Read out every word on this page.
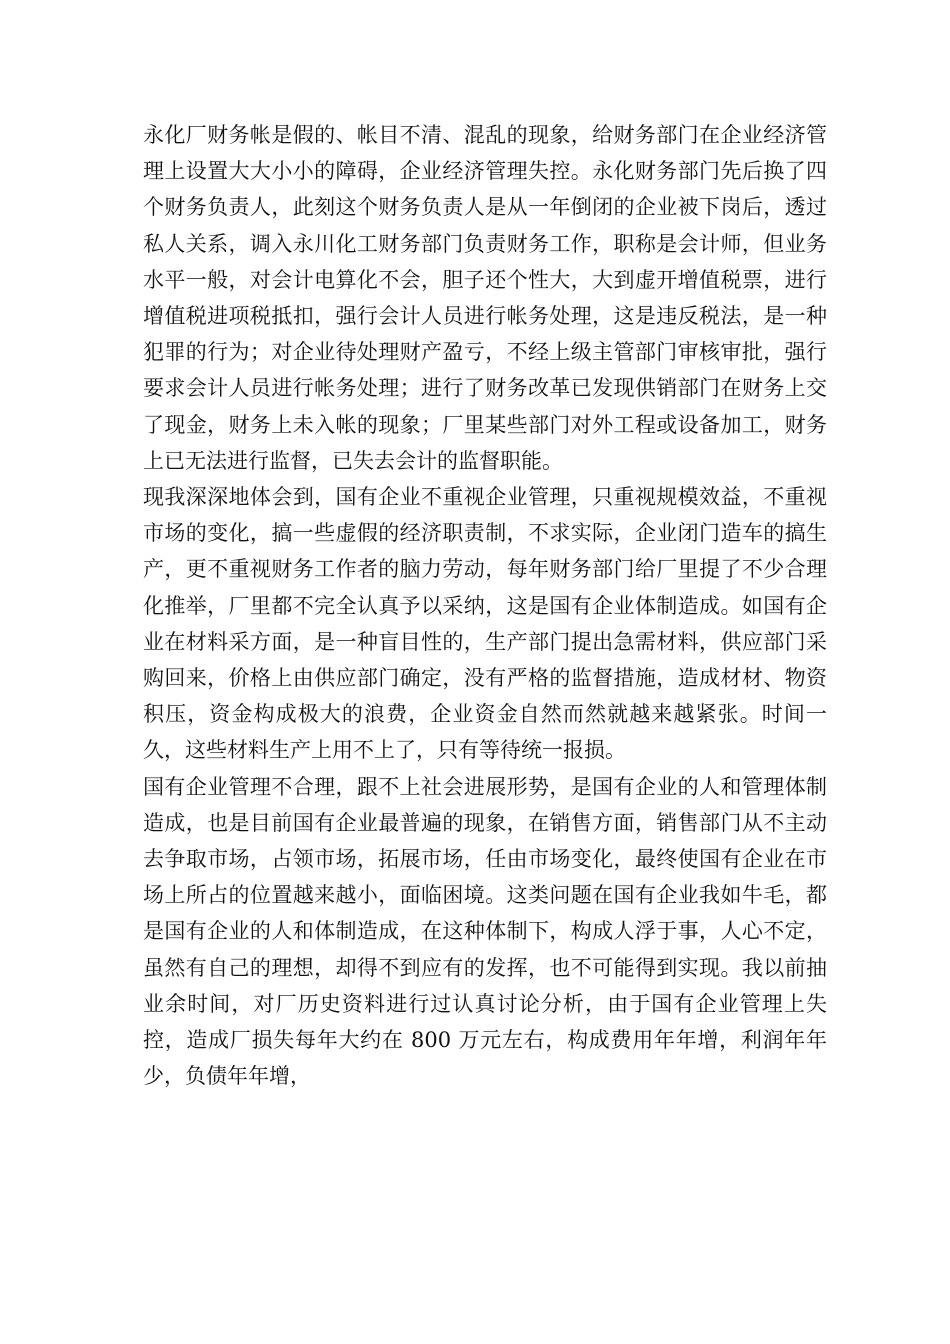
永化厂财务帐是假的、帐目不清、混乱的现象，给财务部门在企业经济管理上设置大大小小的障碍，企业经济管理失控。永化财务部门先后换了四个财务负责人，此刻这个财务负责人是从一年倒闭的企业被下岗后，透过私人关系，调入永川化工财务部门负责财务工作，职称是会计师，但业务水平一般，对会计电算化不会，胆子还个性大，大到虚开增值税票，进行增值税进项税抵扣，强行会计人员进行帐务处理，这是违反税法，是一种犯罪的行为；对企业待处理财产盈亏，不经上级主管部门审核审批，强行要求会计人员进行帐务处理；进行了财务改革已发现供销部门在财务上交了现金，财务上未入帐的现象；厂里某些部门对外工程或设备加工，财务上已无法进行监督，已失去会计的监督职能。

现我深深地体会到，国有企业不重视企业管理，只重视规模效益，不重视市场的变化，搞一些虚假的经济职责制，不求实际，企业闭门造车的搞生产，更不重视财务工作者的脑力劳动，每年财务部门给厂里提了不少合理化推举，厂里都不完全认真予以采纳，这是国有企业体制造成。如国有企业在材料采方面，是一种盲目性的，生产部门提出急需材料，供应部门采购回来，价格上由供应部门确定，没有严格的监督措施，造成材材、物资积压，资金构成极大的浪费，企业资金自然而然就越来越紧张。时间一久，这些材料生产上用不上了，只有等待统一报损。

国有企业管理不合理，跟不上社会进展形势，是国有企业的人和管理体制造成，也是目前国有企业最普遍的现象，在销售方面，销售部门从不主动去争取市场，占领市场，拓展市场，任由市场变化，最终使国有企业在市场上所占的位置越来越小，面临困境。这类问题在国有企业我如牛毛，都是国有企业的人和体制造成，在这种体制下，构成人浮于事，人心不定，虽然有自己的理想，却得不到应有的发挥，也不可能得到实现。我以前抽业余时间，对厂历史资料进行过认真讨论分析，由于国有企业管理上失控，造成厂损失每年大约在 800 万元左右，构成费用年年增，利润年年少，负债年年增，
